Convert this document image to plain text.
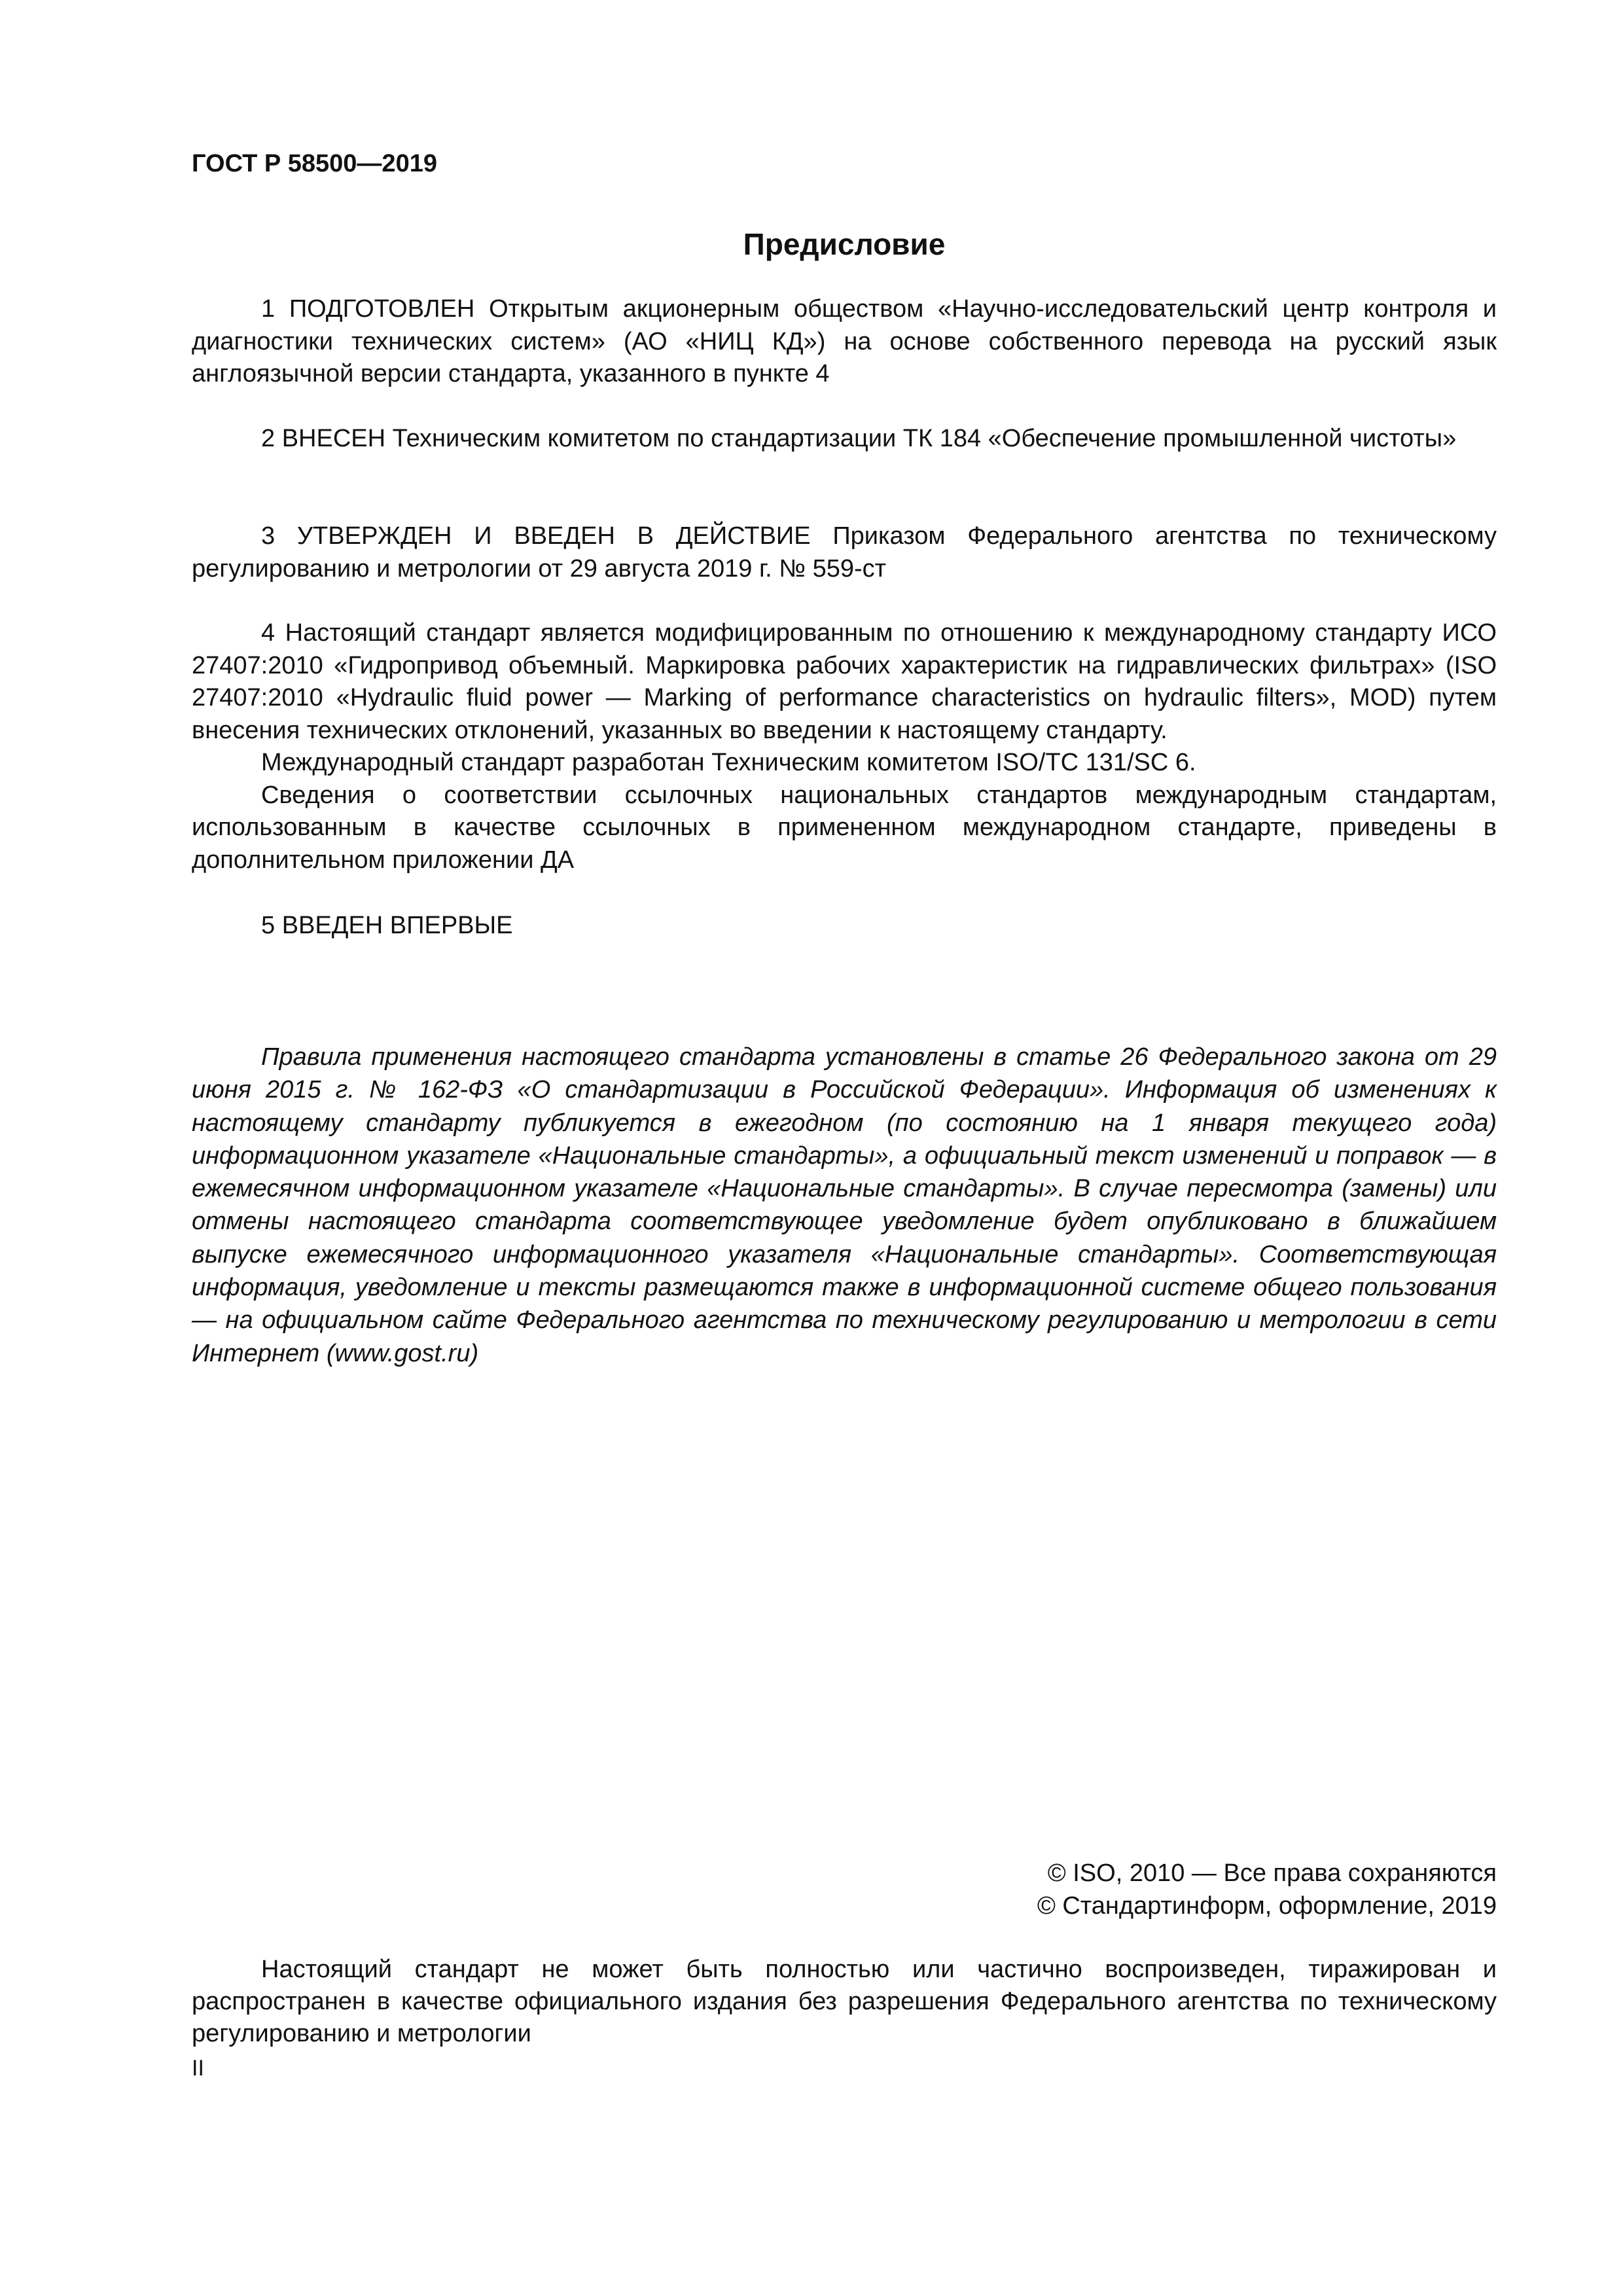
ГОСТ Р 58500—2019
Предисловие

1 ПОДГОТОВЛЕН Открытым акционерным обществом «Научно-исследовательский центр контроля и диагностики технических систем» (АО «НИЦ КД») на основе собственного перевода на русский язык англоязычной версии стандарта, указанного в пункте 4

2 ВНЕСЕН Техническим комитетом по стандартизации ТК 184 «Обеспечение промышленной чистоты»

3 УТВЕРЖДЕН И ВВЕДЕН В ДЕЙСТВИЕ Приказом Федерального агентства по техническому регулированию и метрологии от 29 августа 2019 г. № 559-ст

4 Настоящий стандарт является модифицированным по отношению к международному стандарту ИСО 27407:2010 «Гидропривод объемный. Маркировка рабочих характеристик на гидравлических фильтрах» (ISO 27407:2010 «Hydraulic fluid power — Marking of performance characteristics on hydraulic filters», MOD) путем внесения технических отклонений, указанных во введении к настоящему стандарту.

Международный стандарт разработан Техническим комитетом ISO/TC 131/SC 6.

Сведения о соответствии ссылочных национальных стандартов международным стандартам, использованным в качестве ссылочных в примененном международном стандарте, приведены в дополнительном приложении ДА

5 ВВЕДЕН ВПЕРВЫЕ

Правила применения настоящего стандарта установлены в статье 26 Федерального закона от 29 июня 2015 г. № 162-ФЗ «О стандартизации в Российской Федерации». Информация об изменениях к настоящему стандарту публикуется в ежегодном (по состоянию на 1 января текущего года) информационном указателе «Национальные стандарты», а официальный текст изменений и поправок — в ежемесячном информационном указателе «Национальные стандарты». В случае пересмотра (замены) или отмены настоящего стандарта соответствующее уведомление будет опубликовано в ближайшем выпуске ежемесячного информационного указателя «Национальные стандарты». Соответствующая информация, уведомление и тексты размещаются также в информационной системе общего пользования — на официальном сайте Федерального агентства по техническому регулированию и метрологии в сети Интернет (www.gost.ru)

© ISO, 2010 — Все права сохраняются
© Стандартинформ, оформление, 2019

Настоящий стандарт не может быть полностью или частично воспроизведен, тиражирован и распространен в качестве официального издания без разрешения Федерального агентства по техническому регулированию и метрологии

II
